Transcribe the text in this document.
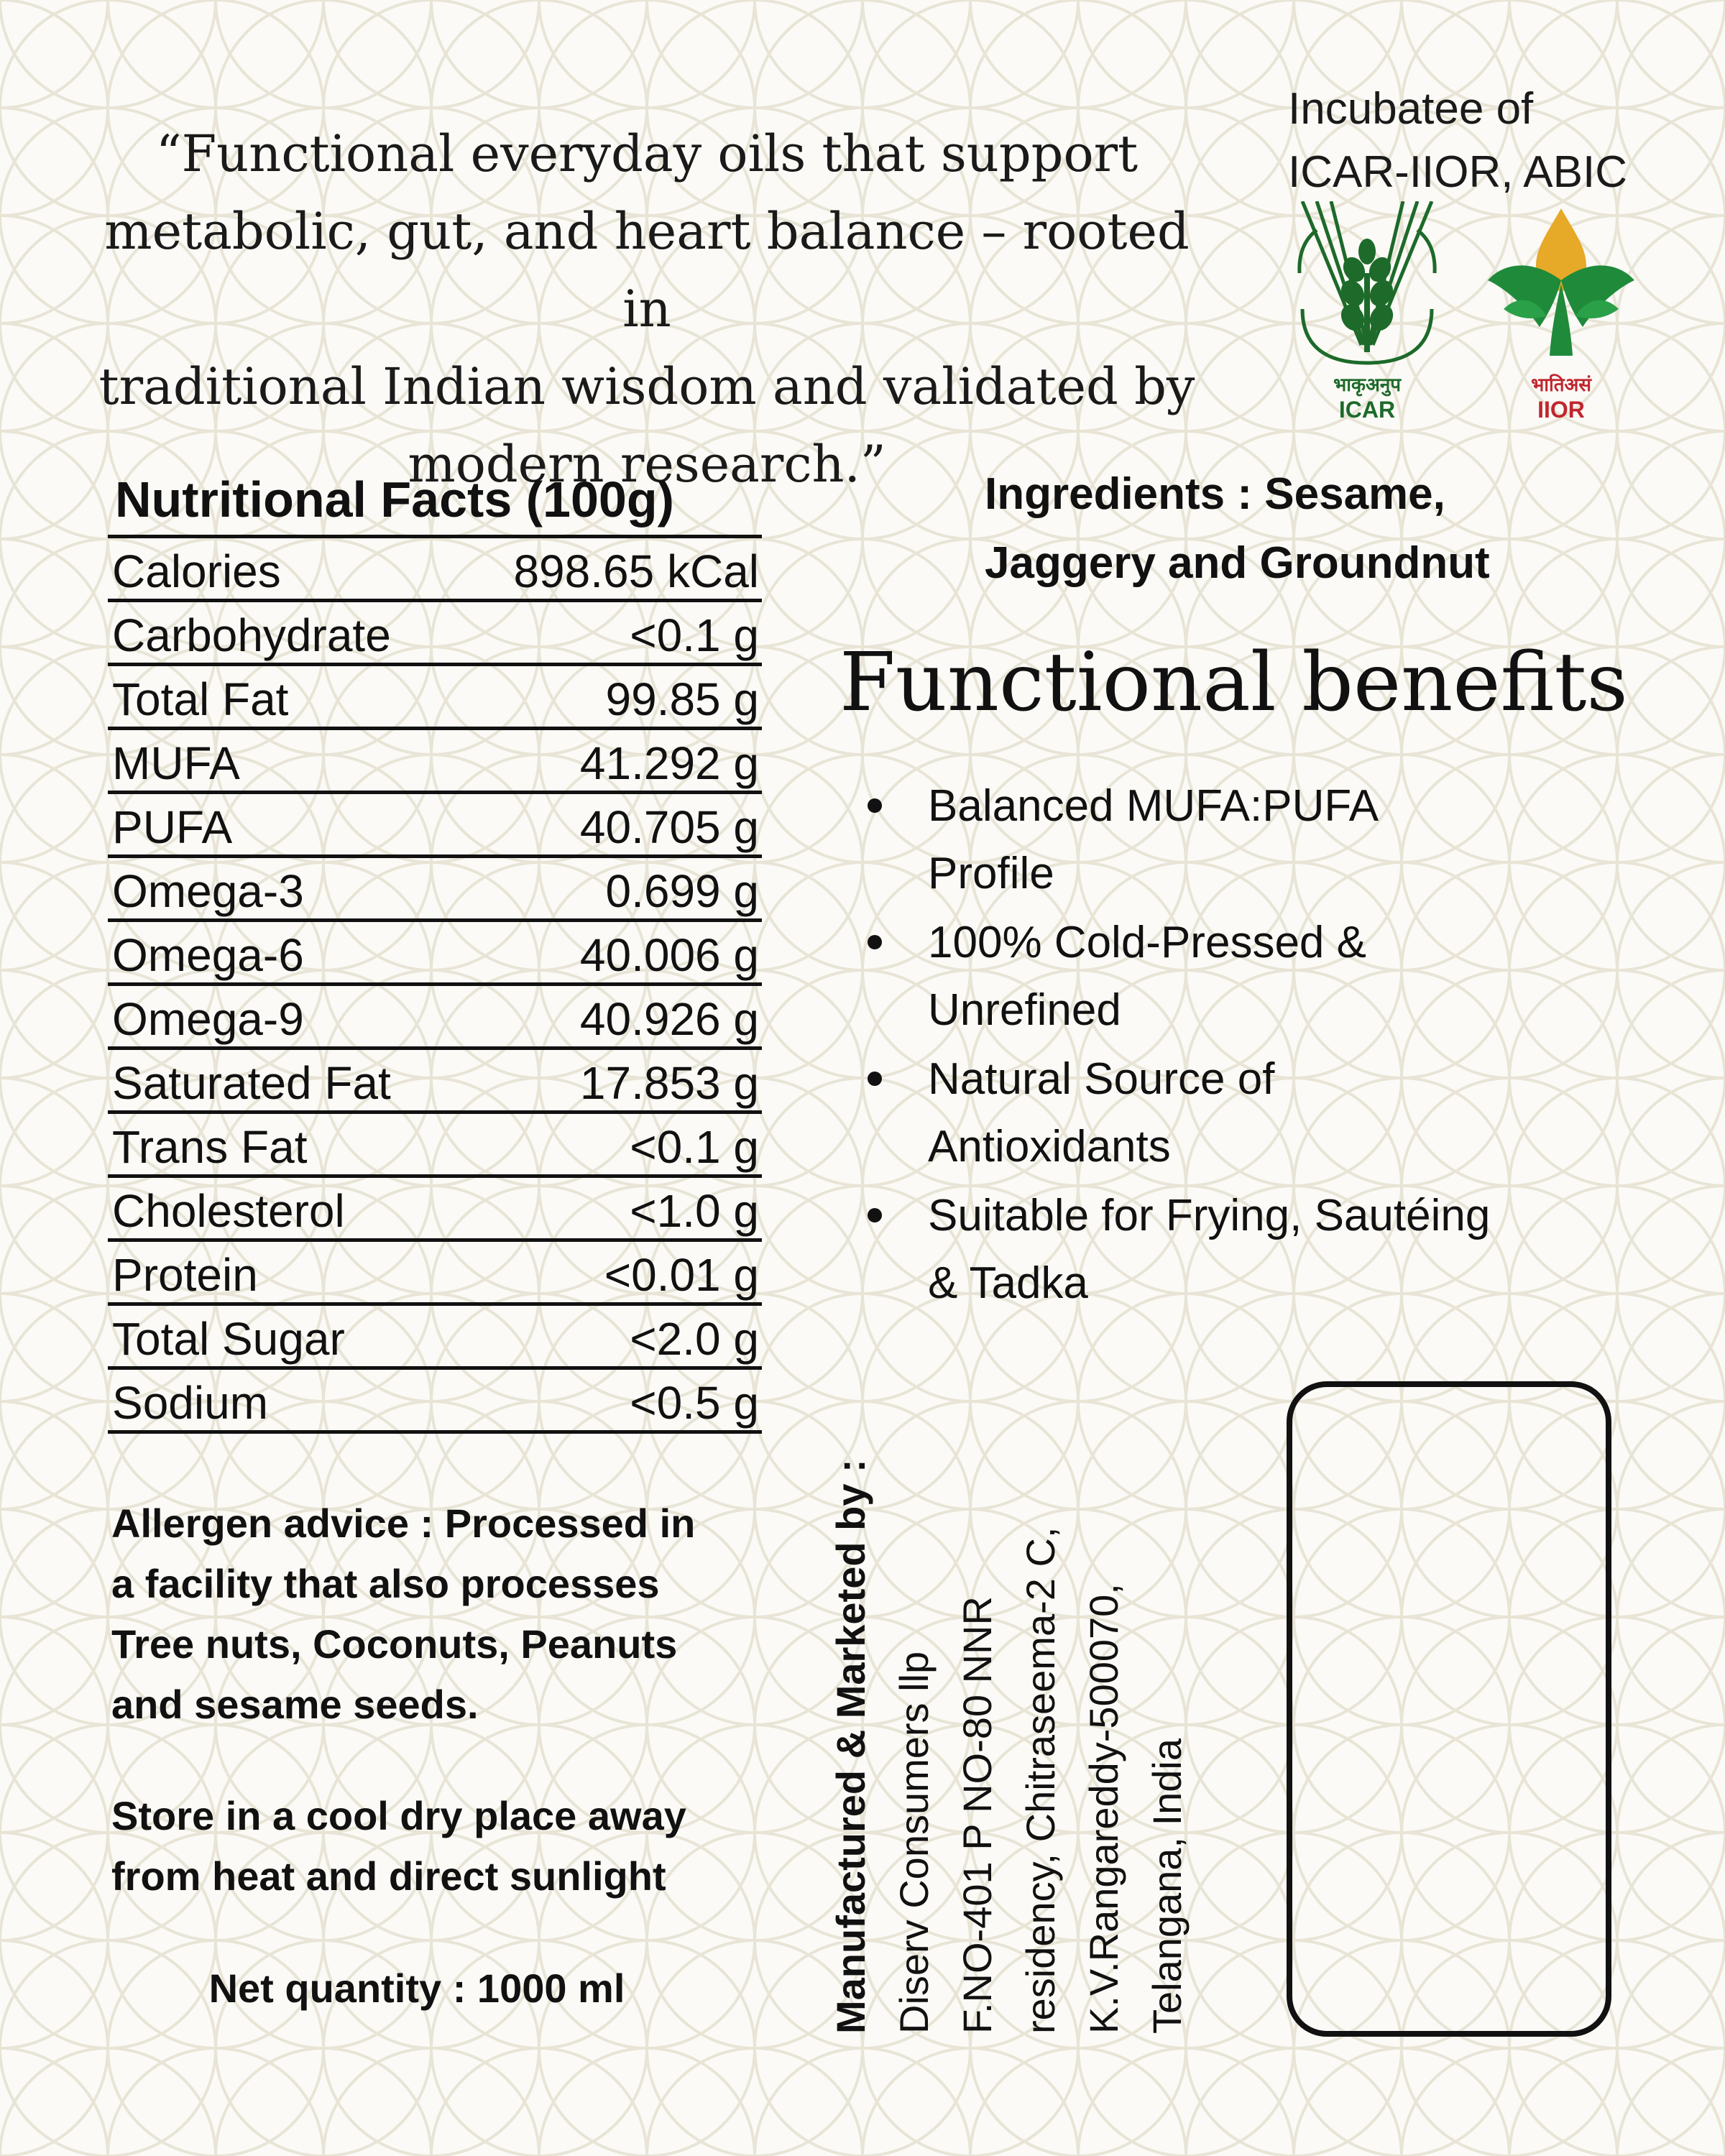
“Functional everyday oils that support
metabolic, gut, and heart balance – rooted in
traditional Indian wisdom and validated by
modern research.”
Incubatee of
ICAR-IIOR, ABIC
भाकृअनुप
ICAR
भातिअसं
IIOR
Nutritional Facts (100g)
Calories	898.65 kCal
Carbohydrate	<0.1 g
Total Fat	99.85 g
MUFA	41.292 g
PUFA	40.705 g
Omega-3	0.699 g
Omega-6	40.006 g
Omega-9	40.926 g
Saturated Fat	17.853 g
Trans Fat	<0.1 g
Cholesterol	<1.0 g
Protein	<0.01 g
Total Sugar	<2.0 g
Sodium	<0.5 g
Ingredients : Sesame,
Jaggery and Groundnut
Functional benefits
Balanced MUFA:PUFA
Profile
100% Cold-Pressed &
Unrefined
Natural Source of
Antioxidants
Suitable for Frying, Sautéing
& Tadka
Allergen advice : Processed in
a facility that also processes
Tree nuts, Coconuts, Peanuts
and sesame seeds.
Store in a cool dry place away
from heat and direct sunlight
Net quantity : 1000 ml	Manufactured & Marketed by : Diserv Consumers llp F.NO-401 P NO-80 NNR residency, Chitraseema-2 C, K.V.Rangareddy-500070, Telangana, India
